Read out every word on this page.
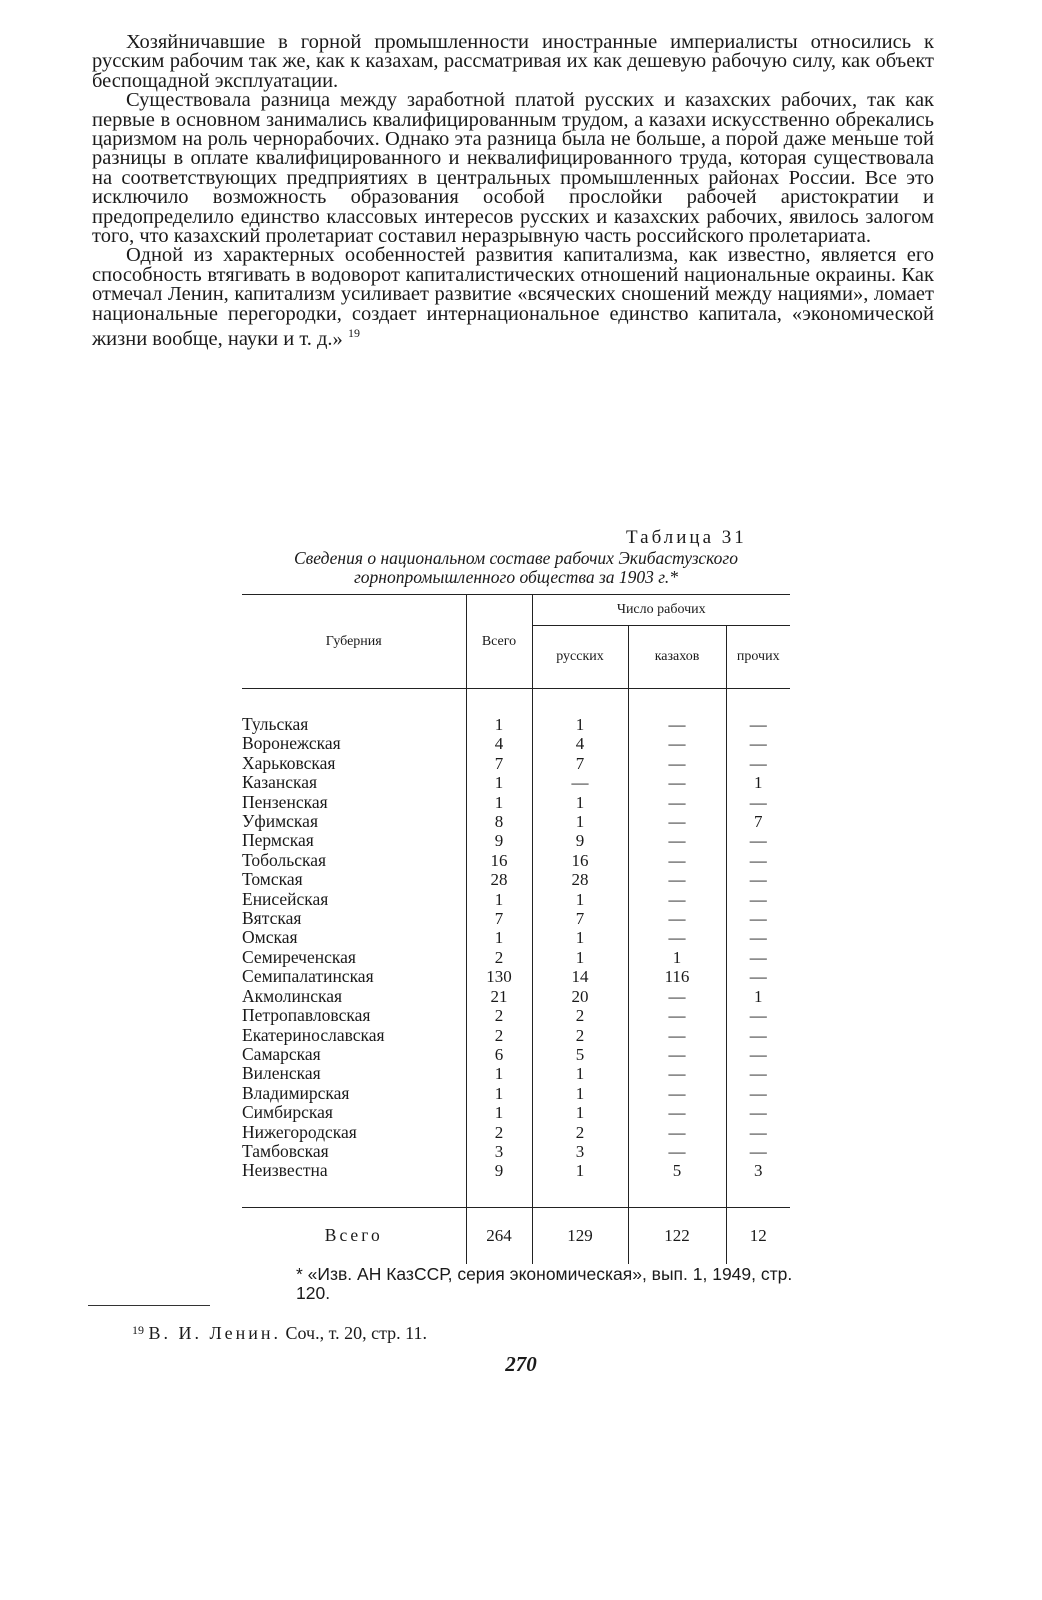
Хозяйничавшие в горной промышленности иностранные империалисты относились к русским рабочим так же, как к казахам, рассматривая их как дешевую рабочую силу, как объект беспощадной эксплуатации.

Существовала разница между заработной платой русских и казахских рабочих, так как первые в основном занимались квалифицированным трудом, а казахи искусственно обрекались царизмом на роль чернорабочих. Однако эта разница была не больше, а порой даже меньше той разницы в оплате квалифицированного и неквалифицированного труда, которая существовала на соответствующих предприятиях в центральных промышленных районах России. Все это исключило возможность образования особой прослойки рабочей аристократии и предопределило единство классовых интересов русских и казахских рабочих, явилось залогом того, что казахский пролетариат составил неразрывную часть российского пролетариата.

Одной из характерных особенностей развития капитализма, как известно, является его способность втягивать в водоворот капиталистических отношений национальные окраины. Как отмечал Ленин, капитализм усиливает развитие «всяческих сношений между нациями», ломает национальные перегородки, создает интернациональное единство капитала, «экономической жизни вообще, науки и т. д.» $^{19}$

Таблица 31
Сведения о национальном составе рабочих Экибастузского горнопромышленного общества за 1903 г.*
Губерния	Всего	Число рабочих		
		русских	казахов	прочих

Тульская	1	1	—	—
Воронежская	4	4	—	—
Харьковская	7	7	—	—
Казанская	1	—	—	1
Пензенская	1	1	—	—
Уфимская	8	1	—	7
Пермская	9	9	—	—
Тобольская	16	16	—	—
Томская	28	28	—	—
Енисейская	1	1	—	—
Вятская	7	7	—	—
Омская	1	1	—	—
Семиреченская	2	1	1	—
Семипалатинская	130	14	116	—
Акмолинская	21	20	—	1
Петропавловская	2	2	—	—
Екатеринославская	2	2	—	—
Самарская	6	5	—	—
Виленская	1	1	—	—
Владимирская	1	1	—	—
Симбирская	1	1	—	—
Нижегородская	2	2	—	—
Тамбовская	3	3	—	—
Неизвестна	9	1	5	3

Всего	264	129	122	12
* «Изв. АН КазССР, серия экономическая», вып. 1, 1949, стр. 120.
$^{19}$ В. И. Ленин. Соч., т. 20, стр. 11.
270
